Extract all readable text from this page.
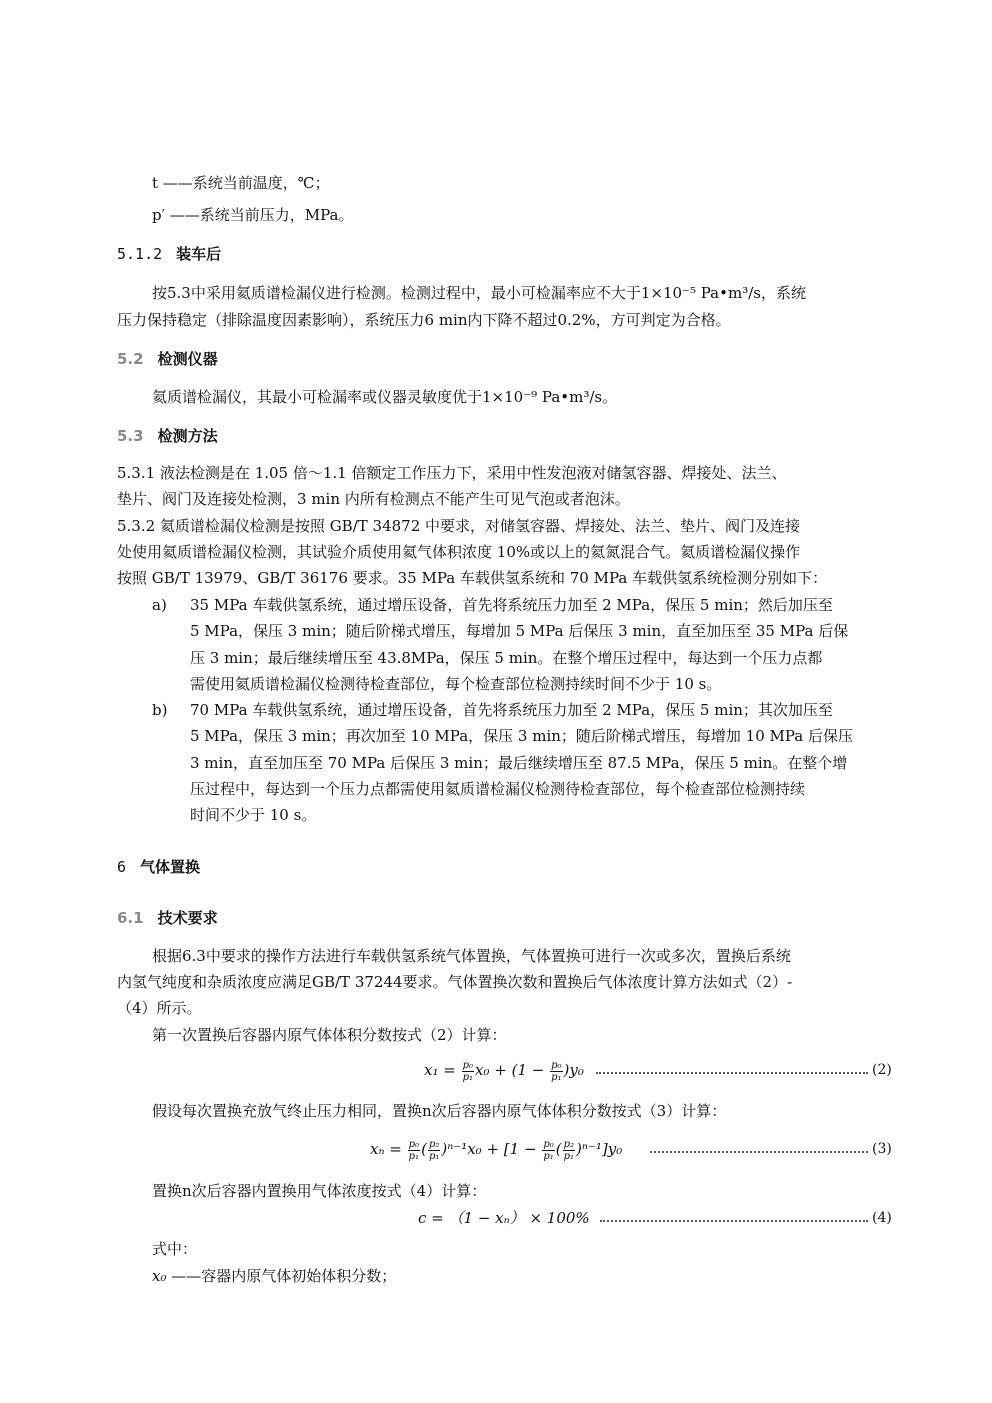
t ——系统当前温度，℃；
p′ ——系统当前压力，MPa。
5.1.2 装车后
按5.3中采用氦质谱检漏仪进行检测。检测过程中，最小可检漏率应不大于1×10⁻⁵ Pa•m³/s，系统
压力保持稳定（排除温度因素影响），系统压力6 min内下降不超过0.2%，方可判定为合格。
5.2 检测仪器
氦质谱检漏仪，其最小可检漏率或仪器灵敏度优于1×10⁻⁹ Pa•m³/s。
5.3 检测方法
5.3.1 液法检测是在 1.05 倍～1.1 倍额定工作压力下，采用中性发泡液对储氢容器、焊接处、法兰、
垫片、阀门及连接处检测，3 min 内所有检测点不能产生可见气泡或者泡沫。
5.3.2 氦质谱检漏仪检测是按照 GB/T 34872 中要求，对储氢容器、焊接处、法兰、垫片、阀门及连接
处使用氦质谱检漏仪检测，其试验介质使用氦气体积浓度 10%或以上的氦氮混合气。氦质谱检漏仪操作
按照 GB/T 13979、GB/T 36176 要求。35 MPa 车载供氢系统和 70 MPa 车载供氢系统检测分别如下：
a) 35 MPa 车载供氢系统，通过增压设备，首先将系统压力加至 2 MPa，保压 5 min；然后加压至
5 MPa，保压 3 min；随后阶梯式增压，每增加 5 MPa 后保压 3 min，直至加压至 35 MPa 后保
压 3 min；最后继续增压至 43.8MPa，保压 5 min。在整个增压过程中，每达到一个压力点都
需使用氦质谱检漏仪检测待检查部位，每个检查部位检测持续时间不少于 10 s。
b) 70 MPa 车载供氢系统，通过增压设备，首先将系统压力加至 2 MPa，保压 5 min；其次加压至
5 MPa，保压 3 min；再次加至 10 MPa，保压 3 min；随后阶梯式增压，每增加 10 MPa 后保压
3 min，直至加压至 70 MPa 后保压 3 min；最后继续增压至 87.5 MPa，保压 5 min。在整个增
压过程中，每达到一个压力点都需使用氦质谱检漏仪检测待检查部位，每个检查部位检测持续
时间不少于 10 s。
6 气体置换
6.1 技术要求
根据6.3中要求的操作方法进行车载供氢系统气体置换，气体置换可进行一次或多次，置换后系统
内氢气纯度和杂质浓度应满足GB/T 37244要求。气体置换次数和置换后气体浓度计算方法如式（2）-
（4）所示。
第一次置换后容器内原气体体积分数按式（2）计算：
$x_1 = \frac{\text{p₀}}{\text{p₁}} x_0 + (1 - \frac{\text{p₀}}{\text{p₁}} )y_0$	(2)
假设每次置换充放气终止压力相同，置换n次后容器内原气体体积分数按式（3）计算：
$x_n = \frac{\text{p₀}}{\text{p₁}}$ ( $\frac{\text{p₂}}{\text{p₁}} )^{n-1}x_0 + [1 - \frac{\text{p₀}}{\text{p₁}}$ ( $\frac{\text{p₂}}{\text{p₁}} )^{n-1}]y_0$	(3)
置换n次后容器内置换用气体浓度按式（4）计算：
c = （1 − xₙ） × 100%	(4)
式中：
x₀ ——容器内原气体初始体积分数；
